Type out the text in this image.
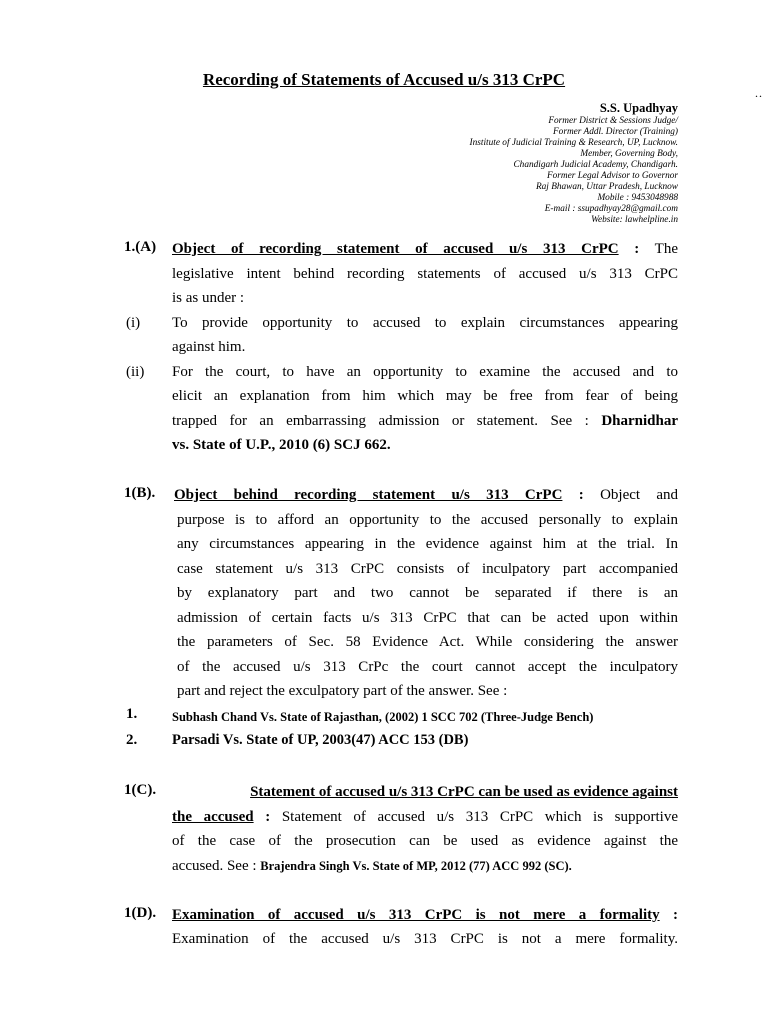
Recording of Statements of Accused u/s 313 CrPC
..
S.S. Upadhyay
Former District & Sessions Judge/
Former Addl. Director (Training)
Institute of Judicial Training & Research, UP, Lucknow.
Member, Governing Body,
Chandigarh Judicial Academy, Chandigarh.
Former Legal Advisor to Governor
Raj Bhawan, Uttar Pradesh, Lucknow
Mobile : 9453048988
E-mail : ssupadhyay28@gmail.com
Website: lawhelpline.in
1.(A) Object of recording statement of accused u/s 313 CrPC : The
legislative intent behind recording statements of accused u/s 313 CrPC
is as under :
(i) To provide opportunity to accused to explain circumstances appearing
against him.
(ii) For the court, to have an opportunity to examine the accused and to
elicit an explanation from him which may be free from fear of being
trapped for an embarrassing admission or statement. See : Dharnidhar
vs. State of U.P., 2010 (6) SCJ 662.
1(B). Object behind recording statement u/s 313 CrPC : Object and
purpose is to afford an opportunity to the accused personally to explain
any circumstances appearing in the evidence against him at the trial. In
case statement u/s 313 CrPC consists of inculpatory part accompanied
by explanatory part and two cannot be separated if there is an
admission of certain facts u/s 313 CrPC that can be acted upon within
the parameters of Sec. 58 Evidence Act. While considering the answer
of the accused u/s 313 CrPc the court cannot accept the inculpatory
part and reject the exculpatory part of the answer. See :
1.	Subhash Chand Vs. State of Rajasthan, (2002) 1 SCC 702 (Three-Judge Bench)
2. Parsadi Vs. State of UP, 2003(47) ACC 153 (DB)
1(C).	Statement of accused u/s 313 CrPC can be used as evidence against
the accused : Statement of accused u/s 313 CrPC which is supportive
of the case of the prosecution can be used as evidence against the
accused. See : Brajendra Singh Vs. State of MP, 2012 (77) ACC 992 (SC).
1(D). Examination of accused u/s 313 CrPC is not mere a formality :
Examination of the accused u/s 313 CrPC is not a mere formality.
